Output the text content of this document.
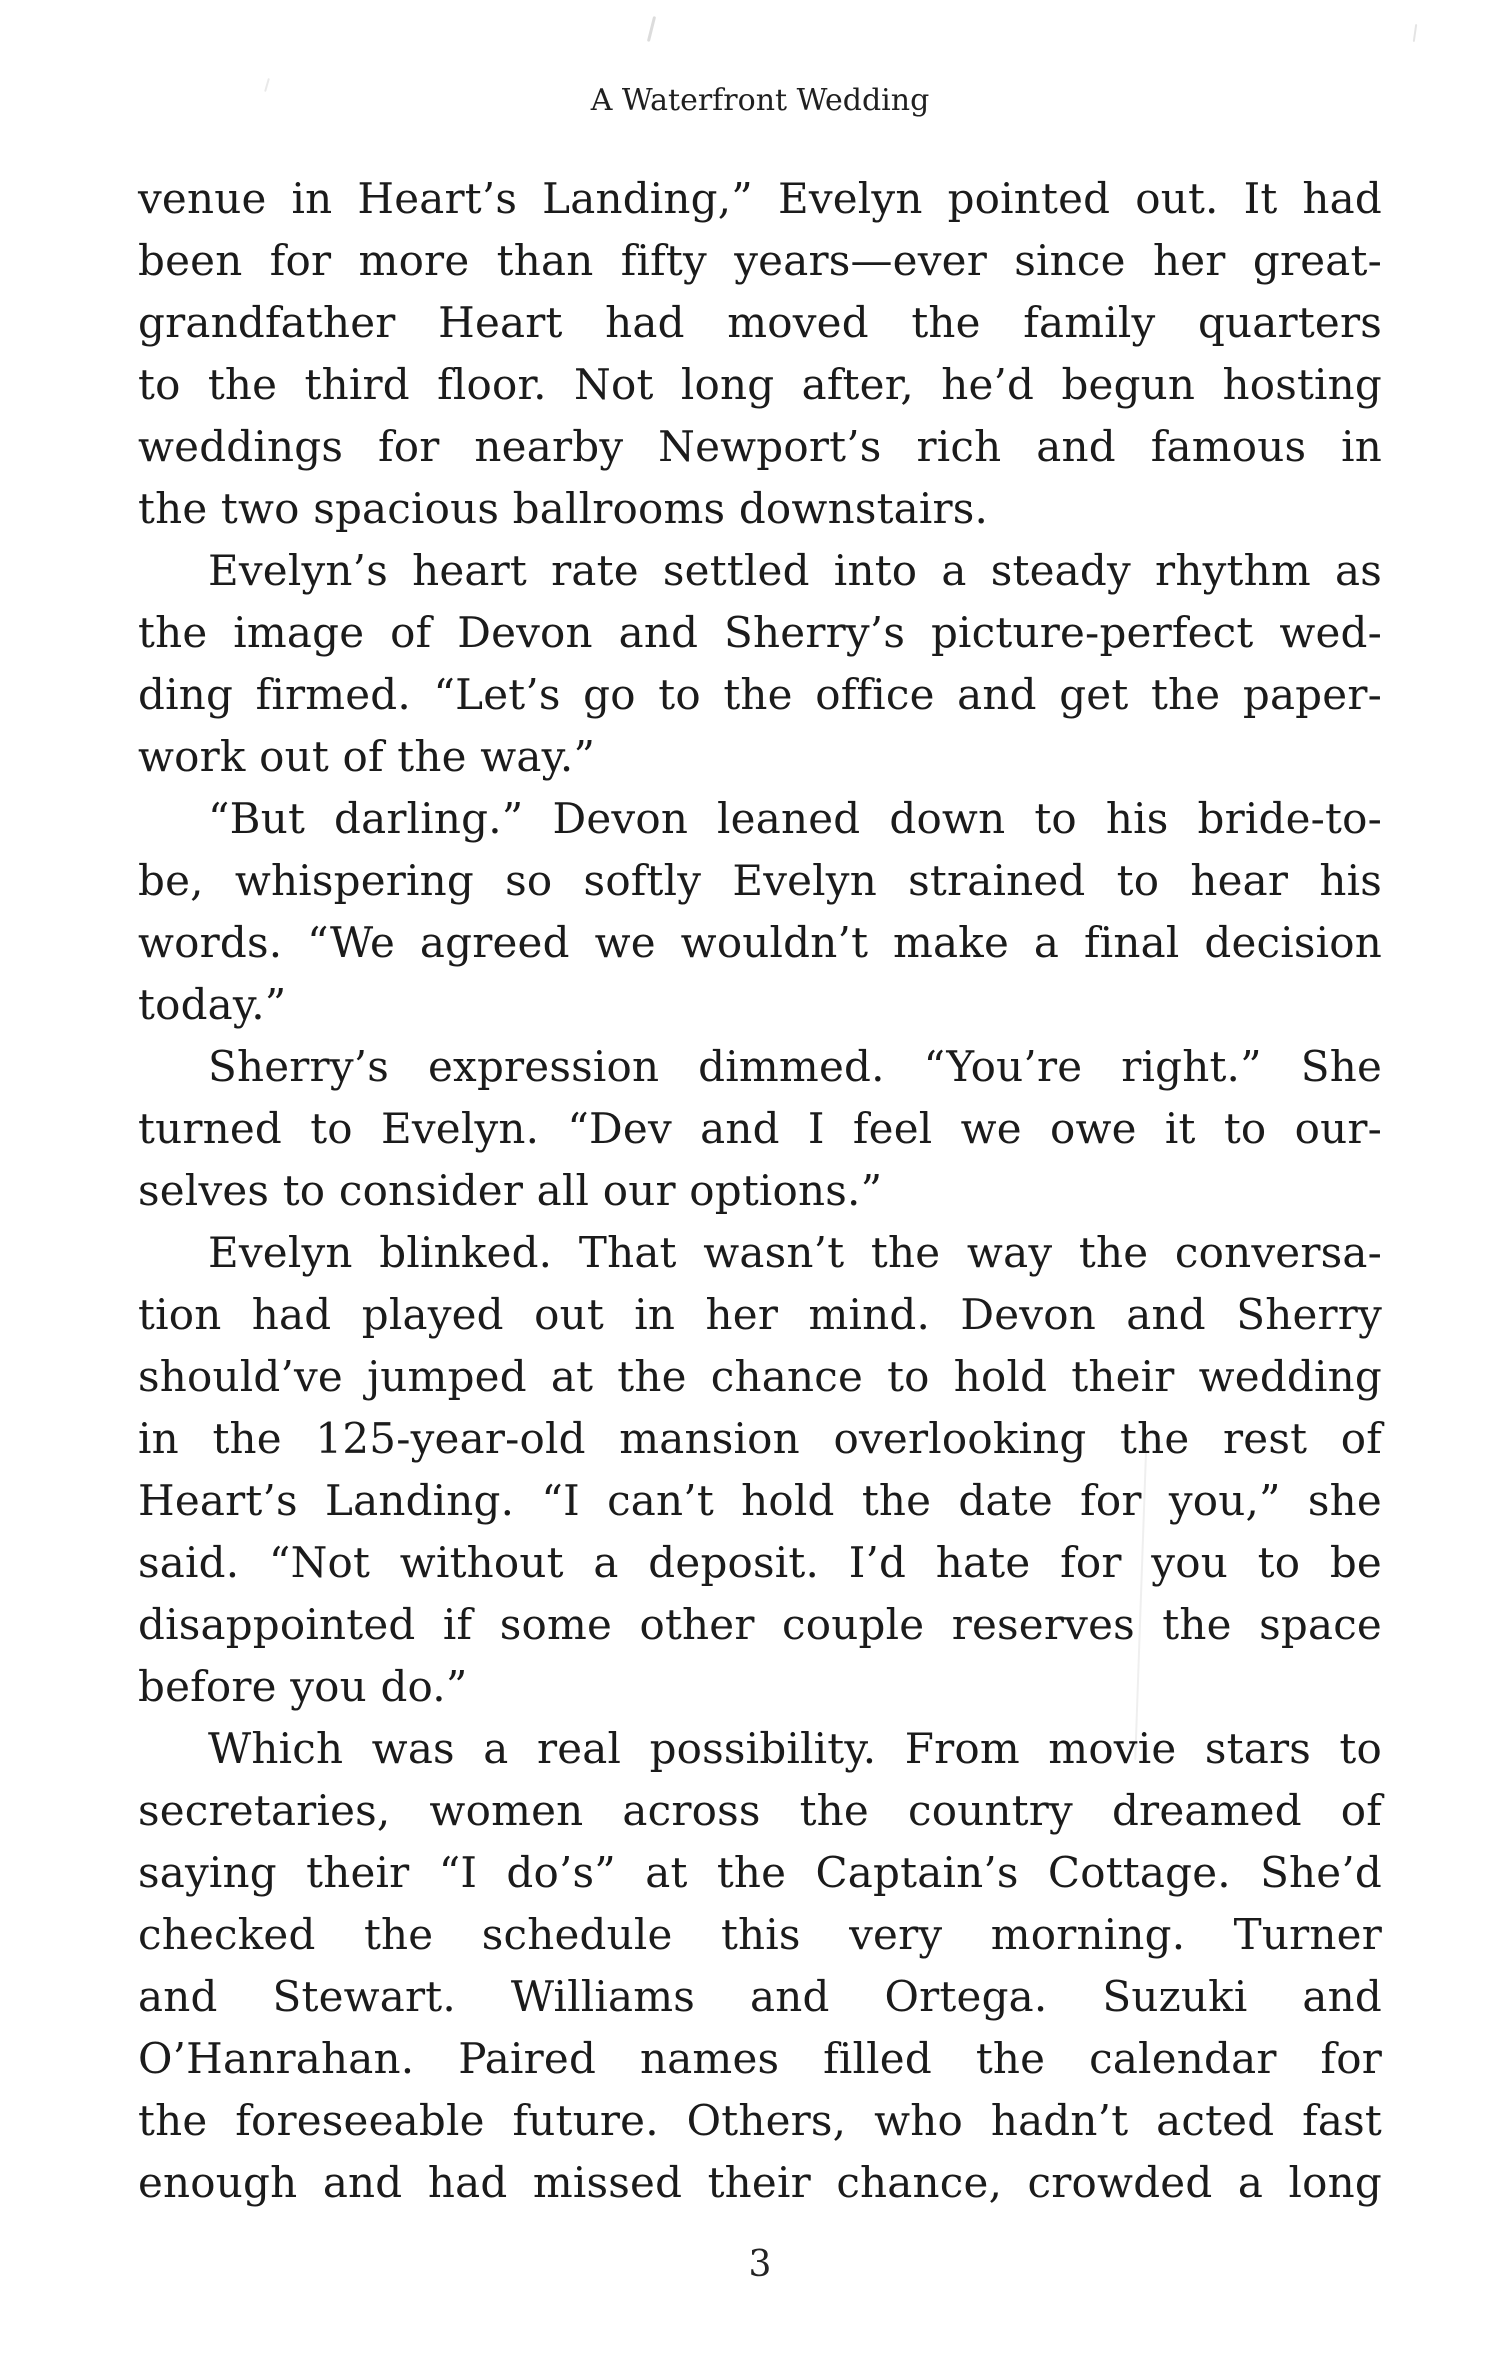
A Waterfront Wedding
venue in Heart’s Landing,” Evelyn pointed out. It had
been for more than fifty years—ever since her great-
grandfather Heart had moved the family quarters
to the third floor. Not long after, he’d begun hosting
weddings for nearby Newport’s rich and famous in
the two spacious ballrooms downstairs.
Evelyn’s heart rate settled into a steady rhythm as
the image of Devon and Sherry’s picture-perfect wed-
ding firmed. “Let’s go to the office and get the paper-
work out of the way.”
“But darling.” Devon leaned down to his bride-to-
be, whispering so softly Evelyn strained to hear his
words. “We agreed we wouldn’t make a final decision
today.”
Sherry’s expression dimmed. “You’re right.” She
turned to Evelyn. “Dev and I feel we owe it to our-
selves to consider all our options.”
Evelyn blinked. That wasn’t the way the conversa-
tion had played out in her mind. Devon and Sherry
should’ve jumped at the chance to hold their wedding
in the 125-year-old mansion overlooking the rest of
Heart’s Landing. “I can’t hold the date for you,” she
said. “Not without a deposit. I’d hate for you to be
disappointed if some other couple reserves the space
before you do.”
Which was a real possibility. From movie stars to
secretaries, women across the country dreamed of
saying their “I do’s” at the Captain’s Cottage. She’d
checked the schedule this very morning. Turner
and Stewart. Williams and Ortega. Suzuki and
O’Hanrahan. Paired names filled the calendar for
the foreseeable future. Others, who hadn’t acted fast
enough and had missed their chance, crowded a long
3
